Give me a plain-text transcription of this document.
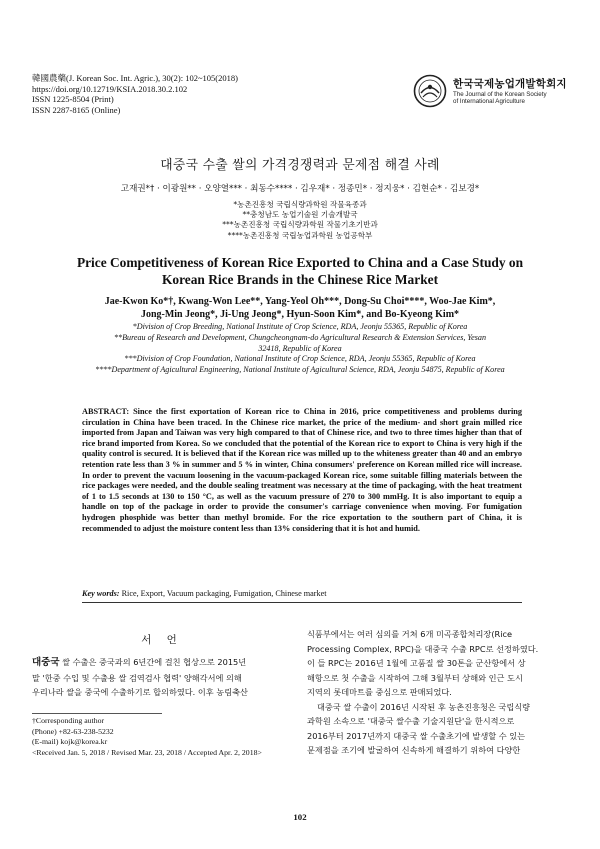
韓國農藥(J. Korean Soc. Int. Agric.), 30(2): 102~105(2018)
https://doi.org/10.12719/KSIA.2018.30.2.102
ISSN 1225-8504 (Print)
ISSN 2287-8165 (Online)
한국국제농업개발학회지
The Journal of the Korean Society
of International Agriculture
대중국 수출 쌀의 가격경쟁력과 문제점 해결 사례
고재권*† · 이광원** · 오양열*** · 최동수**** · 김우재* · 정종민* · 정지웅* · 김현순* · 김보경*
*농촌진흥청 국립식량과학원 작물육종과
**충청남도 농업기술원 기술개발국
***농촌진흥청 국립식량과학원 작물기초기반과
****농촌진흥청 국립농업과학원 농업공학부
Price Competitiveness of Korean Rice Exported to China and a Case Study on
Korean Rice Brands in the Chinese Rice Market
Jae-Kwon Ko*†, Kwang-Won Lee**, Yang-Yeol Oh***, Dong-Su Choi****, Woo-Jae Kim*,
Jong-Min Jeong*, Ji-Ung Jeong*, Hyun-Soon Kim*, and Bo-Kyeong Kim*
*Division of Crop Breeding, National Institute of Crop Science, RDA, Jeonju 55365, Republic of Korea
**Bureau of Research and Development, Chungcheongnam-do Agricultural Research & Extension Services, Yesan
32418, Republic of Korea
***Division of Crop Foundation, National Institute of Crop Science, RDA, Jeonju 55365, Republic of Korea
****Department of Agicultural Engineering, National Institute of Agicultural Science, RDA, Jeonju 54875, Republic of Korea
ABSTRACT: Since the first exportation of Korean rice to China in 2016, price competitiveness and problems during circulation in China have been traced. In the Chinese rice market, the price of the medium- and short grain milled rice imported from Japan and Taiwan was very high compared to that of Chinese rice, and two to three times higher than that of rice brand imported from Korea. So we concluded that the potential of the Korean rice to export to China is very high if the quality control is secured. It is believed that if the Korean rice was milled up to the whiteness greater than 40 and an embryo retention rate less than 3 % in summer and 5 % in winter, China consumers' preference on Korean milled rice will increase. In order to prevent the vacuum loosening in the vacuum-packaged Korean rice, some suitable filling materials between the rice packages were needed, and the double sealing treatment was necessary at the time of packaging, with the heat treatment of 1 to 1.5 seconds at 130 to 150 °C, as well as the vacuum pressure of 270 to 300 mmHg. It is also important to equip a handle on top of the package in order to provide the consumer's carriage convenience when moving. For fumigation hydrogen phosphide was better than methyl bromide. For the rice exportation to the southern part of China, it is recommended to adjust the moisture content less than 13% considering that it is hot and humid.
Key words: Rice, Export, Vacuum packaging, Fumigation, Chinese market
서 언

대중국 쌀 수출은 중국과의 6년간에 걸친 협상으로 2015년
말 '한중 수입 및 수출용 쌀 검역검사 협력' 양해각서에 의해
우리나라 쌀을 중국에 수출하기로 합의하였다. 이후 농림축산

†Corresponding author
(Phone) +82-63-238-5232
(E-mail) kojk@korea.kr
<Received Jan. 5, 2018 / Revised Mar. 23, 2018 / Accepted Apr. 2, 2018>

식품부에서는 여러 심의를 거쳐 6개 미곡종합처리장(Rice
Processing Complex, RPC)을 대중국 수출 RPC로 선정하였다.
이 들 RPC는 2016년 1월에 고품질 쌀 30톤을 군산항에서 상
해항으로 첫 수출을 시작하여 그해 3월부터 상해와 인근 도시
지역의 롯데마트를 중심으로 판매되었다.

대중국 쌀 수출이 2016년 시작된 후 농촌진흥청은 국립식량
과학원 소속으로 '대중국 쌀수출 기술지원단'을 한시적으로
2016부터 2017년까지 대중국 쌀 수출초기에 발생할 수 있는
문제점을 조기에 발굴하여 신속하게 해결하기 위하여 다양한

102
